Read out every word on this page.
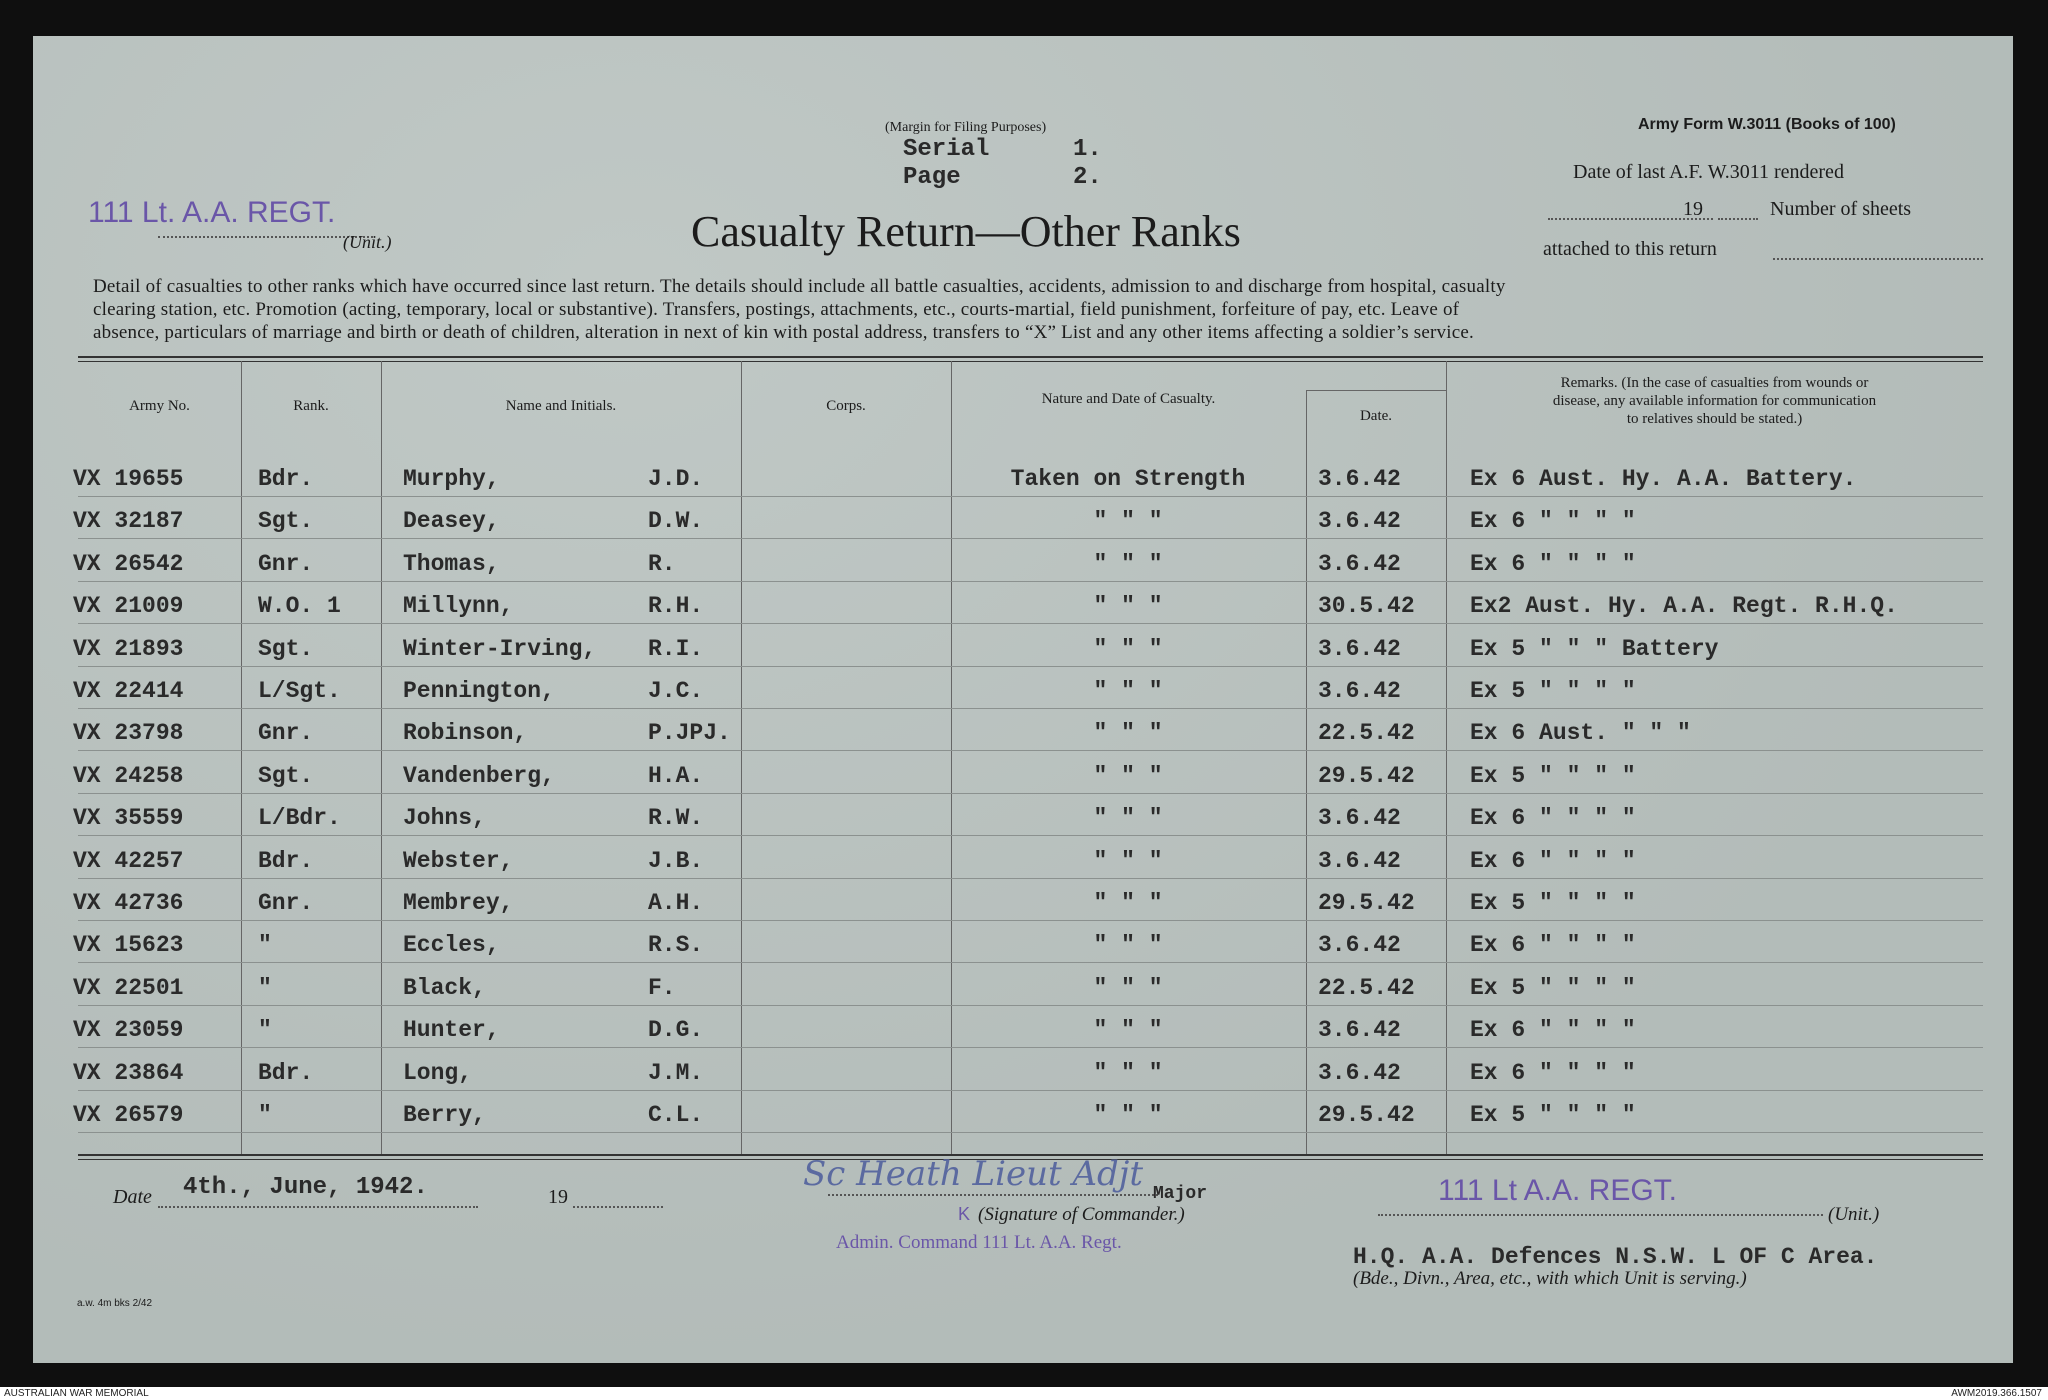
(Margin for Filing Purposes)
Serial	1.
Page	2.
Army Form W.3011 (Books of 100)
111 Lt. A.A. REGT.
(Unit.)	Casualty Return—Other Ranks
Date of last A.F. W.3011 rendered
19	Number of sheets
attached to this return
Detail of casualties to other ranks which have occurred since last return. The details should include all battle casualties, accidents, admission to and discharge from hospital, casualty
clearing station, etc. Promotion (acting, temporary, local or substantive). Transfers, postings, attachments, etc., courts-martial, field punishment, forfeiture of pay, etc. Leave of
absence, particulars of marriage and birth or death of children, alteration in next of kin with postal address, transfers to “X” List and any other items affecting a soldier’s service.
Army No.	Rank.	Name and Initials.	Corps.	Nature and Date of Casualty.
Date.
Remarks. (In the case of casualties from wounds or
disease, any available information for communication
to relatives should be stated.)
VX 19655	Bdr.	Murphy,	J.D.	Taken on Strength	3.6.42	Ex 6 Aust. Hy. A.A. Battery.
VX 32187	Sgt.	Deasey,	D.W.	" " "	3.6.42	Ex 6 " " " "
VX 26542	Gnr.	Thomas,	R.	" " "	3.6.42	Ex 6 " " " "
VX 21009	W.O. 1	Millynn,	R.H.	" " "	30.5.42 Ex2 Aust. Hy. A.A. Regt. R.H.Q.
VX 21893	Sgt.	Winter-Irving, R.I.	" " "	3.6.42	Ex 5 " " " Battery
VX 22414	L/Sgt.	Pennington,	J.C.	" " "	3.6.42	Ex 5 " " " "
VX 23798	Gnr.	Robinson,	P.JPJ.	" " "	22.5.42 Ex 6 Aust. " " "
VX 24258	Sgt.	Vandenberg,	H.A.	" " "	29.5.42 Ex 5 " " " "
VX 35559	L/Bdr.	Johns,	R.W.	" " "	3.6.42	Ex 6 " " " "
VX 42257	Bdr.	Webster,	J.B.	" " "	3.6.42	Ex 6 " " " "
VX 42736	Gnr.	Membrey,	A.H.	" " "	29.5.42 Ex 5 " " " "
VX 15623	"	Eccles,	R.S.	" " "	3.6.42	Ex 6 " " " "
VX 22501	"	Black,	F.	" " "	22.5.42 Ex 5 " " " "
VX 23059	"	Hunter,	D.G.	" " "	3.6.42	Ex 6 " " " "
VX 23864	Bdr.	Long,	J.M.	" " "	3.6.42	Ex 6 " " " "
VX 26579	"	Berry,	C.L.	" " "	29.5.42 Ex 5 " " " "
Date 4th., June, 1942.	19
Sc Heath Lieut Adjt Major
K (Signature of Commander.)
Admin. Command 111 Lt. A.A. Regt.
111 Lt A.A. REGT.
(Unit.)
H.Q. A.A. Defences N.S.W. L OF C Area.
(Bde., Divn., Area, etc., with which Unit is serving.)
a.w. 4m bks 2/42
AUSTRALIAN WAR MEMORIAL	AWM2019.366.1507
